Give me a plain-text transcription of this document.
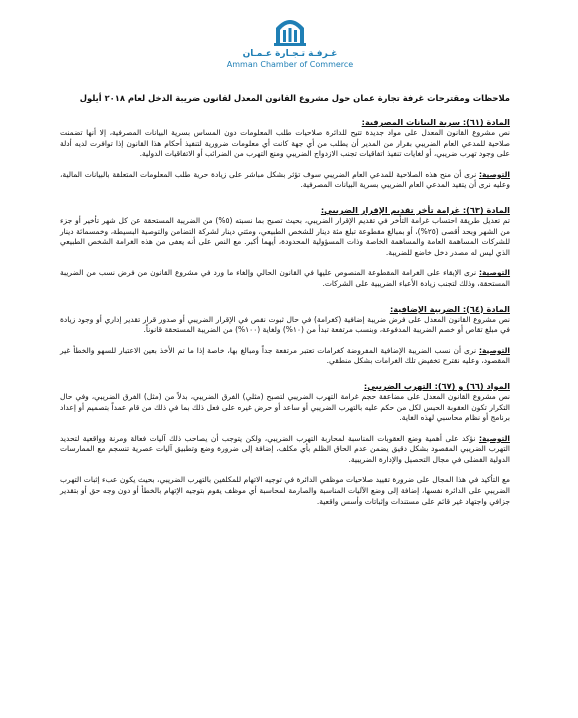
غـرفـة تـجـارة عـمـان
Amman Chamber of Commerce
ملاحظات ومقترحات غرفة تجارة عمان حول مشروع القانون المعدل لقانون ضريبة الدخل لعام ٢٠١٨ أيلول

المادة (٦١): سرية البيانات المصرفية:

نص مشروع القانون المعدل على مواد جديدة تتيح للدائرة صلاحيات طلب المعلومات دون المساس بسرية البيانات المصرفية، إلا أنها تضمنت صلاحية للمدعي العام الضريبي بقرار من المدير أن يطلب من أي جهة كانت أي معلومات ضرورية لتنفيذ أحكام هذا القانون إذا توافرت لديه أدلة على وجود تهرب ضريبي، أو لغايات تنفيذ اتفاقيات تجنب الازدواج الضريبي ومنع التهرب من الضرائب أو الاتفاقيات الدولية.

التوصية: نرى أن منح هذه الصلاحية للمدعي العام الضريبي سوف تؤثر بشكل مباشر على زيادة حرية طلب المعلومات المتعلقة بالبيانات المالية، وعليه نرى أن يتقيد المدعي العام الضريبي بسرية البيانات المصرفية.

المادة (٦٣): غرامة تأخر تقديم الإقرار الضريبي:

تم تعديل طريقة احتساب غرامة التأخر في تقديم الإقرار الضريبي، بحيث تصبح بما نسبته (٥%) من الضريبة المستحقة عن كل شهر تأخير أو جزء من الشهر وبحد أقصى (٢٥%)، أو بمبالغ مقطوعة تبلغ مئة دينار للشخص الطبيعي، ومئتي دينار لشركة التضامن والتوصية البسيطة، وخمسمائة دينار للشركات المساهمة العامة والمساهمة الخاصة وذات المسؤولية المحدودة، أيهما أكبر. مع النص على أنه يعفى من هذه الغرامة الشخص الطبيعي الذي ليس له مصدر دخل خاضع للضريبة.

التوصية: نرى الإبقاء على الغرامة المقطوعة المنصوص عليها في القانون الحالي وإلغاء ما ورد في مشروع القانون من فرض نسب من الضريبة المستحقة، وذلك لتجنب زيادة الأعباء الضريبية على الشركات.

المادة (٦٤): الضريبة الإضافية:

نص مشروع القانون المعدل على فرض ضريبة إضافية (كغرامة) في حال ثبوت نقص في الإقرار الضريبي أو صدور قرار تقدير إداري أو وجود زيادة في مبلغ تقاص أو خصم الضريبة المدفوعة، وبنسب مرتفعة تبدأ من (١٠%) ولغاية (١٠٠%) من الضريبة المستحقة قانوناً.

التوصية: نرى أن نسب الضريبة الإضافية المفروضة كغرامات تعتبر مرتفعة جداً ومبالغ بها، خاصة إذا ما تم الأخذ بعين الاعتبار للسهو والخطأ غير المقصود، وعليه نقترح تخفيض تلك الغرامات بشكل منطقي.

المواد (٦٦) و (٦٧): التهرب الضريبي:

نص مشروع القانون المعدل على مضاعفة حجم غرامة التهرب الضريبي لتصبح (مثلي) الفرق الضريبي، بدلاً من (مثل) الفرق الضريبي، وفي حال التكرار تكون العقوبة الحبس لكل من حكم عليه بالتهرب الضريبي أو ساعد أو حرض غيره على فعل ذلك بما في ذلك من قام عمداً بتصميم أو إعداد برنامج أو نظام محاسبي لهذه الغاية.

التوصية: نؤكد على أهمية وضع العقوبات المناسبة لمحاربة التهرب الضريبي، ولكن يتوجب أن يصاحب ذلك آليات فعالة ومرنة وواقعية لتحديد التهرب الضريبي المقصود بشكل دقيق يضمن عدم الحاق الظلم بأي مكلف، إضافة إلى ضرورة وضع وتطبيق آليات عصرية تنسجم مع الممارسات الدولية الفضلى في مجال التحصيل والإدارة الضريبية.

مع التأكيد في هذا المجال على ضرورة تقييد صلاحيات موظفي الدائرة في توجيه الاتهام للمكلفين بالتهرب الضريبي، بحيث يكون عبء إثبات التهرب الضريبي على الدائرة نفسها، إضافة إلى وضع الآليات المناسبة والصارمة لمحاسبة أي موظف يقوم بتوجيه الإتهام بالخطأ أو دون وجه حق أو بتقدير جزافي واجتهاد غير قائم على مستندات وإثباتات وأسس واقعية.
